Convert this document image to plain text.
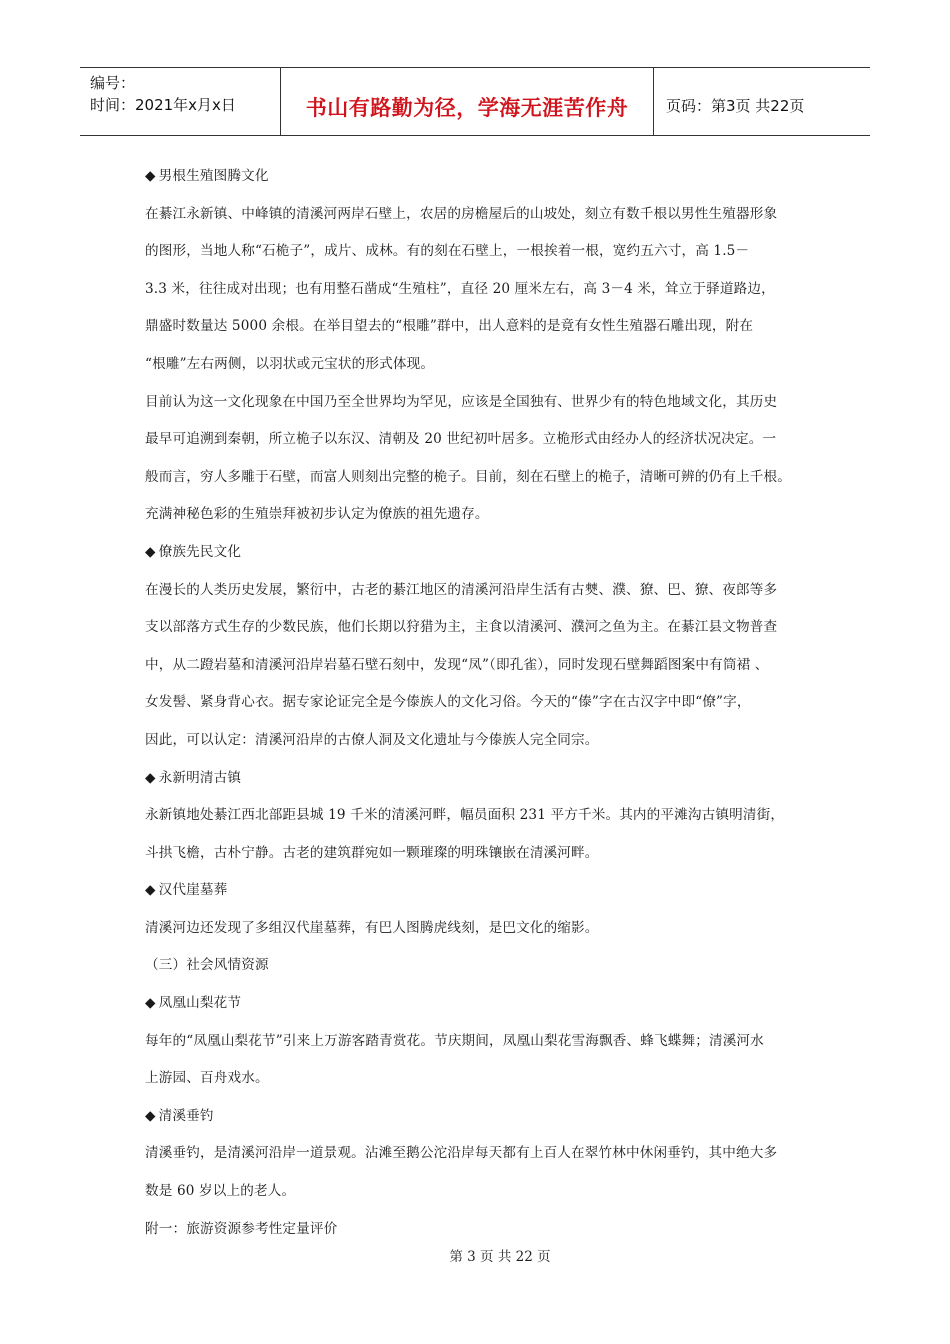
编号：
时间：2021年x月x日	书山有路勤为径，学海无涯苦作舟	页码：第3页 共22页
◆ 男根生殖图腾文化
在綦江永新镇、中峰镇的清溪河两岸石壁上，农居的房檐屋后的山坡处，刻立有数千根以男性生殖器形象
的图形，当地人称“石桅子”，成片、成林。有的刻在石壁上，一根挨着一根，宽约五六寸，高 1.5－
3.3 米，往往成对出现；也有用整石凿成“生殖柱”，直径 20 厘米左右，高 3－4 米，耸立于驿道路边，
鼎盛时数量达 5000 余根。在举目望去的“根雕”群中，出人意料的是竟有女性生殖器石雕出现，附在
“根雕”左右两侧，以羽状或元宝状的形式体现。
目前认为这一文化现象在中国乃至全世界均为罕见，应该是全国独有、世界少有的特色地域文化，其历史
最早可追溯到秦朝，所立桅子以东汉、清朝及 20 世纪初叶居多。立桅形式由经办人的经济状况决定。一
般而言，穷人多雕于石壁，而富人则刻出完整的桅子。目前，刻在石壁上的桅子，清晰可辨的仍有上千根。
充满神秘色彩的生殖崇拜被初步认定为僚族的祖先遗存。
◆ 僚族先民文化
在漫长的人类历史发展，繁衍中，古老的綦江地区的清溪河沿岸生活有古僰、濮、獠、巴、獠、夜郎等多
支以部落方式生存的少数民族，他们长期以狩猎为主，主食以清溪河、濮河之鱼为主。在綦江县文物普查
中，从二蹬岩墓和清溪河沿岸岩墓石壁石刻中，发现“凤”（即孔雀），同时发现石壁舞蹈图案中有筒裙 、
女发髻、紧身背心衣。据专家论证完全是今傣族人的文化习俗。今天的“傣”字在古汉字中即“僚”字，
因此，可以认定：清溪河沿岸的古僚人洞及文化遗址与今傣族人完全同宗。
◆ 永新明清古镇
永新镇地处綦江西北部距县城 19 千米的清溪河畔，幅员面积 231 平方千米。其内的平滩沟古镇明清街，
斗拱飞檐，古朴宁静。古老的建筑群宛如一颗璀璨的明珠镶嵌在清溪河畔。
◆ 汉代崖墓葬
清溪河边还发现了多组汉代崖墓葬，有巴人图腾虎线刻，是巴文化的缩影。
（三）社会风情资源
◆ 凤凰山梨花节
每年的“凤凰山梨花节”引来上万游客踏青赏花。节庆期间，凤凰山梨花雪海飘香、蜂飞蝶舞；清溪河水
上游园、百舟戏水。
◆ 清溪垂钓
清溪垂钓，是清溪河沿岸一道景观。沾滩至鹅公沱沿岸每天都有上百人在翠竹林中休闲垂钓，其中绝大多
数是 60 岁以上的老人。
附一：旅游资源参考性定量评价
第 3 页 共 22 页
